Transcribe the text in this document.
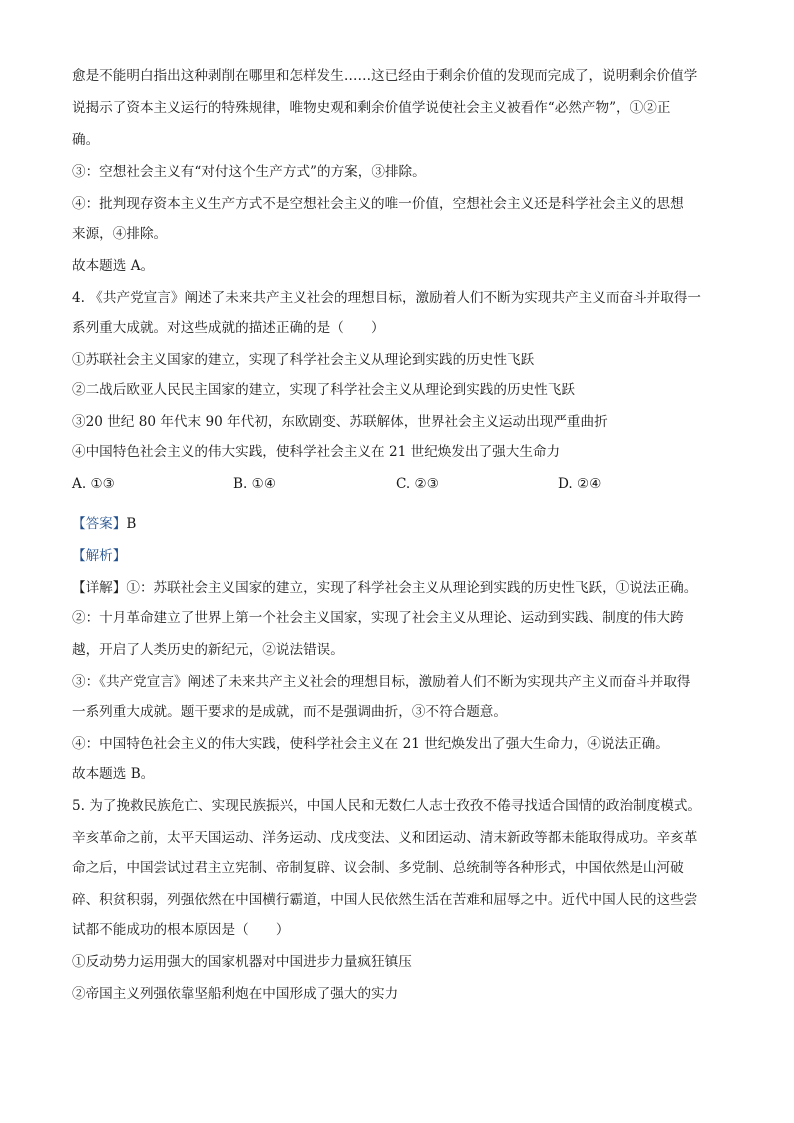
愈是不能明白指出这种剥削在哪里和怎样发生……这已经由于剩余价值的发现而完成了，说明剩余价值学
说揭示了资本主义运行的特殊规律，唯物史观和剩余价值学说使社会主义被看作“必然产物”，①②正
确。
③：空想社会主义有“对付这个生产方式”的方案，③排除。
④：批判现存资本主义生产方式不是空想社会主义的唯一价值，空想社会主义还是科学社会主义的思想
来源，④排除。
故本题选 A。
4. 《共产党宣言》阐述了未来共产主义社会的理想目标，激励着人们不断为实现共产主义而奋斗并取得一
系列重大成就。对这些成就的描述正确的是（　　）
①苏联社会主义国家的建立，实现了科学社会主义从理论到实践的历史性飞跃
②二战后欧亚人民民主国家的建立，实现了科学社会主义从理论到实践的历史性飞跃
③20 世纪 80 年代末 90 年代初，东欧剧变、苏联解体，世界社会主义运动出现严重曲折
④中国特色社会主义的伟大实践，使科学社会主义在 21 世纪焕发出了强大生命力
A. ①③	B. ①④	C. ②③	D. ②④
【答案】B
【解析】
【详解】①：苏联社会主义国家的建立，实现了科学社会主义从理论到实践的历史性飞跃，①说法正确。
②：十月革命建立了世界上第一个社会主义国家，实现了社会主义从理论、运动到实践、制度的伟大跨
越，开启了人类历史的新纪元，②说法错误。
③：《共产党宣言》阐述了未来共产主义社会的理想目标，激励着人们不断为实现共产主义而奋斗并取得
一系列重大成就。题干要求的是成就，而不是强调曲折，③不符合题意。
④：中国特色社会主义的伟大实践，使科学社会主义在 21 世纪焕发出了强大生命力，④说法正确。
故本题选 B。
5. 为了挽救民族危亡、实现民族振兴，中国人民和无数仁人志士孜孜不倦寻找适合国情的政治制度模式。
辛亥革命之前，太平天国运动、洋务运动、戊戌变法、义和团运动、清末新政等都未能取得成功。辛亥革
命之后，中国尝试过君主立宪制、帝制复辟、议会制、多党制、总统制等各种形式，中国依然是山河破
碎、积贫积弱，列强依然在中国横行霸道，中国人民依然生活在苦难和屈辱之中。近代中国人民的这些尝
试都不能成功的根本原因是（　　）
①反动势力运用强大的国家机器对中国进步力量疯狂镇压
②帝国主义列强依靠坚船利炮在中国形成了强大的实力
